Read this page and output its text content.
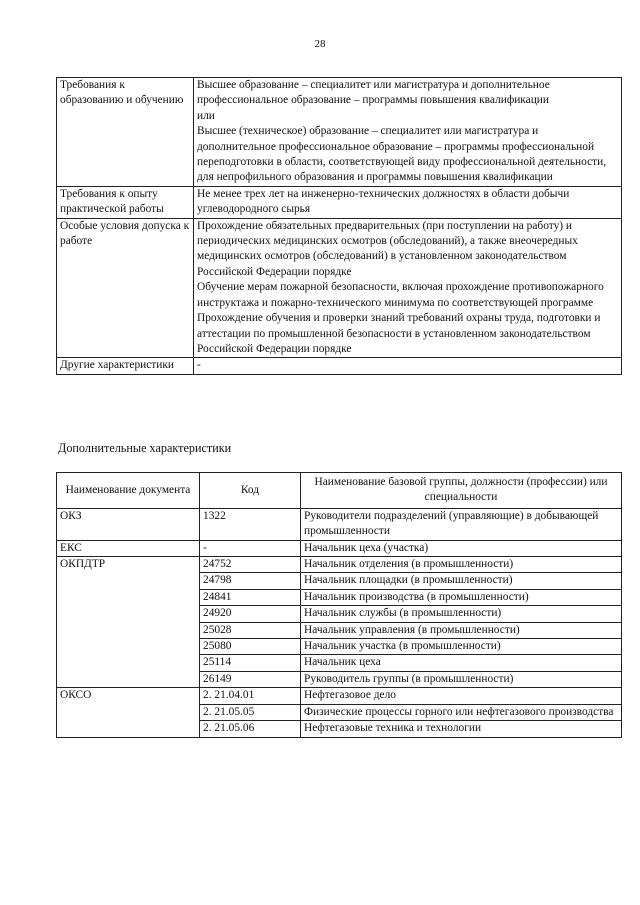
28
Требования к образованию и обучению	Высшее образование – специалитет или магистратура и дополнительное профессиональное образование – программы повышения квалификации
или
Высшее (техническое) образование – специалитет или магистратура и дополнительное профессиональное образование – программы профессиональной переподготовки в области, соответствующей виду профессиональной деятельности, для непрофильного образования и программы повышения квалификации

Требования к опыту практической работы	Не менее трех лет на инженерно-технических должностях в области добычи углеводородного сырья

Особые условия допуска к работе	Прохождение обязательных предварительных (при поступлении на работу) и периодических медицинских осмотров (обследований), а также внеочередных медицинских осмотров (обследований) в установленном законодательством Российской Федерации порядке
Обучение мерам пожарной безопасности, включая прохождение противопожарного инструктажа и пожарно-технического минимума по соответствующей программе
Прохождение обучения и проверки знаний требований охраны труда, подготовки и аттестации по промышленной безопасности в установленном законодательством Российской Федерации порядке

Другие характеристики	-
Дополнительные характеристики
Наименование документа	Код	Наименование базовой группы, должности (профессии) или специальности
ОКЗ	1322	Руководители подразделений (управляющие) в добывающей промышленности
ЕКС	-	Начальник цеха (участка)
ОКПДТР	24752	Начальник отделения (в промышленности)
	24798	Начальник площадки (в промышленности)
	24841	Начальник производства (в промышленности)
	24920	Начальник службы (в промышленности)
	25028	Начальник управления (в промышленности)
	25080	Начальник участка (в промышленности)
	25114	Начальник цеха
	26149	Руководитель группы (в промышленности)
ОКСО	2. 21.04.01	Нефтегазовое дело
	2. 21.05.05	Физические процессы горного или нефтегазового производства
	2. 21.05.06	Нефтегазовые техника и технологии
